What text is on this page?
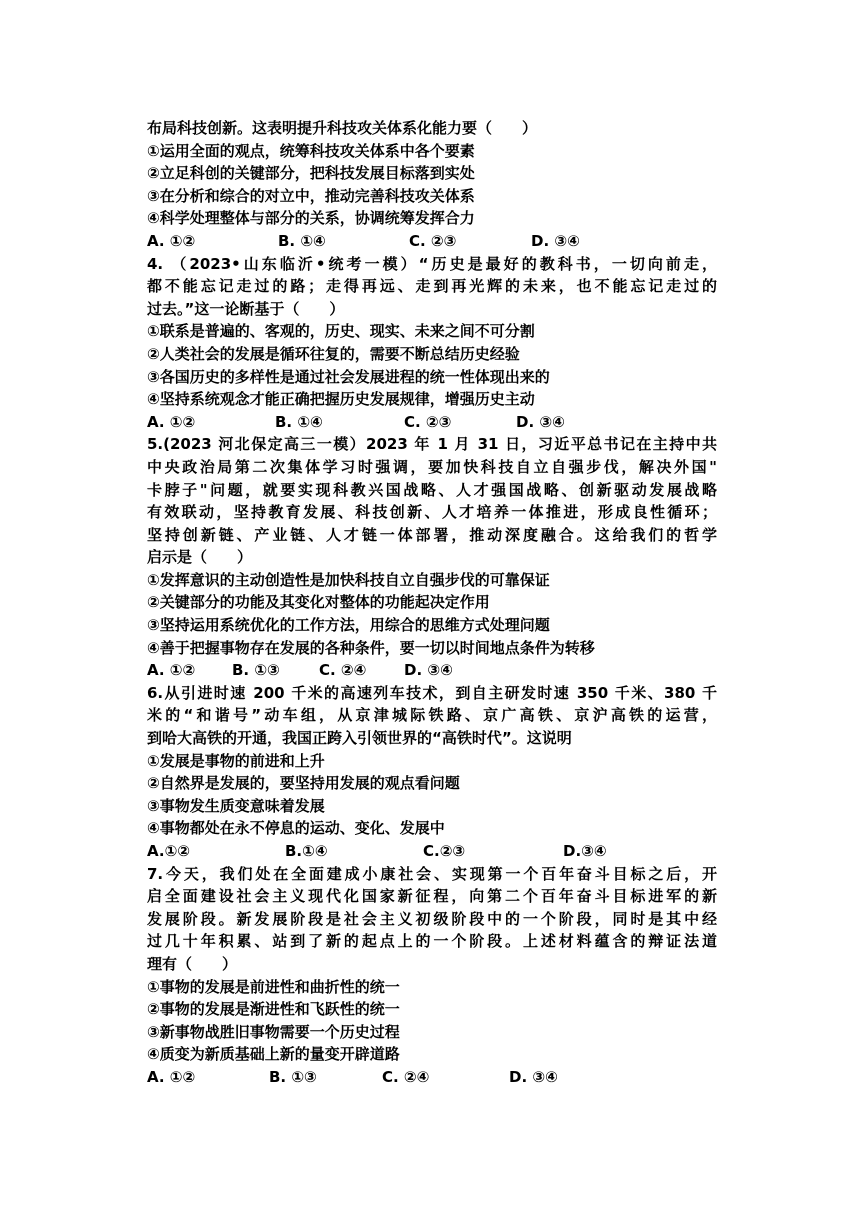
布局科技创新。这表明提升科技攻关体系化能力要（　　）
①运用全面的观点，统筹科技攻关体系中各个要素
②立足科创的关键部分，把科技发展目标落到实处
③在分析和综合的对立中，推动完善科技攻关体系
④科学处理整体与部分的关系，协调统筹发挥合力
A. ①②	B. ①④	C. ②③	D. ③④
4. （2023•山东临沂•统考一模）“历史是最好的教科书，一切向前走，
都不能忘记走过的路；走得再远、走到再光辉的未来，也不能忘记走过的
过去。”这一论断基于（　　）
①联系是普遍的、客观的，历史、现实、未来之间不可分割
②人类社会的发展是循环往复的，需要不断总结历史经验
③各国历史的多样性是通过社会发展进程的统一性体现出来的
④坚持系统观念才能正确把握历史发展规律，增强历史主动
A. ①②	B. ①④	C. ②③	D. ③④
5.(2023 河北保定高三一模）2023 年 1 月 31 日，习近平总书记在主持中共
中央政治局第二次集体学习时强调，要加快科技自立自强步伐，解决外国"
卡脖子"问题，就要实现科教兴国战略、人才强国战略、创新驱动发展战略
有效联动，坚持教育发展、科技创新、人才培养一体推进，形成良性循环；
坚持创新链、产业链、人才链一体部署，推动深度融合。这给我们的哲学
启示是（　　）
①发挥意识的主动创造性是加快科技自立自强步伐的可靠保证
②关键部分的功能及其变化对整体的功能起决定作用
③坚持运用系统优化的工作方法，用综合的思维方式处理问题
④善于把握事物存在发展的各种条件，要一切以时间地点条件为转移
A. ①②	B. ①③	C. ②④	D. ③④
6.从引进时速 200 千米的高速列车技术，到自主研发时速 350 千米、380 千
米的“和谐号”动车组，从京津城际铁路、京广高铁、京沪高铁的运营，
到哈大高铁的开通，我国正跨入引领世界的“高铁时代”。这说明
①发展是事物的前进和上升
②自然界是发展的，要坚持用发展的观点看问题
③事物发生质变意味着发展
④事物都处在永不停息的运动、变化、发展中
A.①②	B.①④	C.②③	D.③④
7.今天，我们处在全面建成小康社会、实现第一个百年奋斗目标之后，开
启全面建设社会主义现代化国家新征程，向第二个百年奋斗目标进军的新
发展阶段。新发展阶段是社会主义初级阶段中的一个阶段，同时是其中经
过几十年积累、站到了新的起点上的一个阶段。上述材料蕴含的辩证法道
理有（　　）
①事物的发展是前进性和曲折性的统一
②事物的发展是渐进性和飞跃性的统一
③新事物战胜旧事物需要一个历史过程
④质变为新质基础上新的量变开辟道路
A. ①②	B. ①③	C. ②④	D. ③④
